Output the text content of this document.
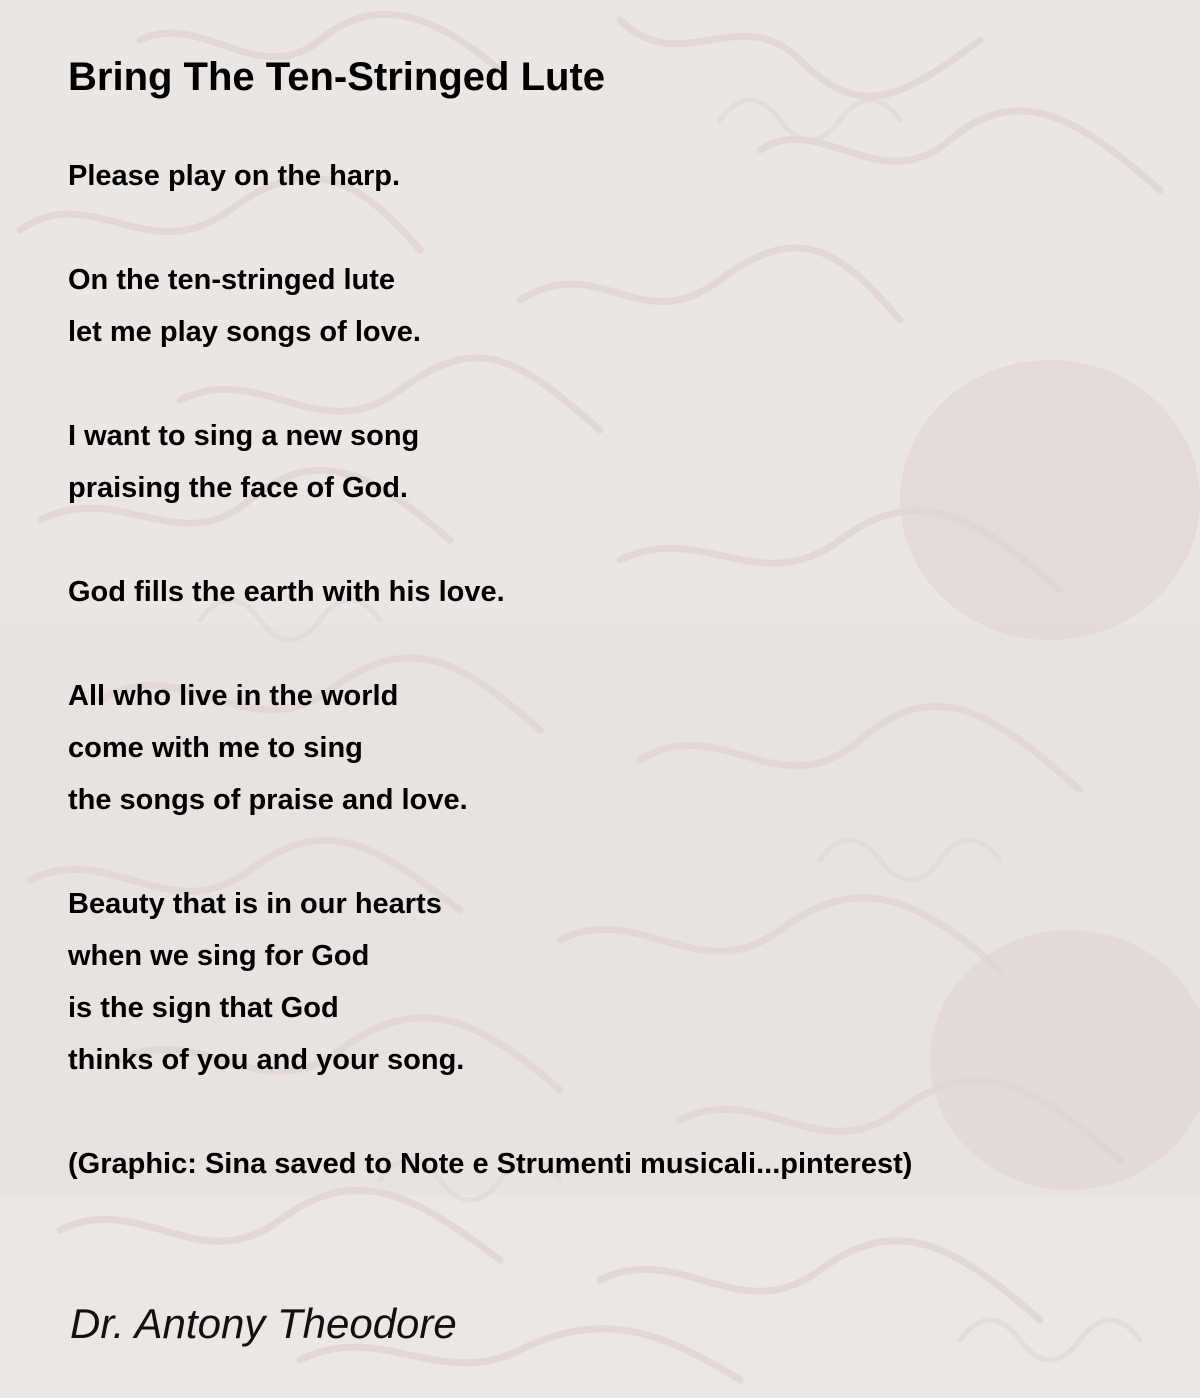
Bring The Ten-Stringed Lute
Please play on the harp.
On the ten-stringed lute
let me play songs of love.
I want to sing a new song
praising the face of God.
God fills the earth with his love.
All who live in the world
come with me to sing
the songs of praise and love.
Beauty that is in our hearts
when we sing for God
is the sign that God
thinks of you and your song.
(Graphic: Sina saved to Note e Strumenti musicali...pinterest)
Dr. Antony Theodore
